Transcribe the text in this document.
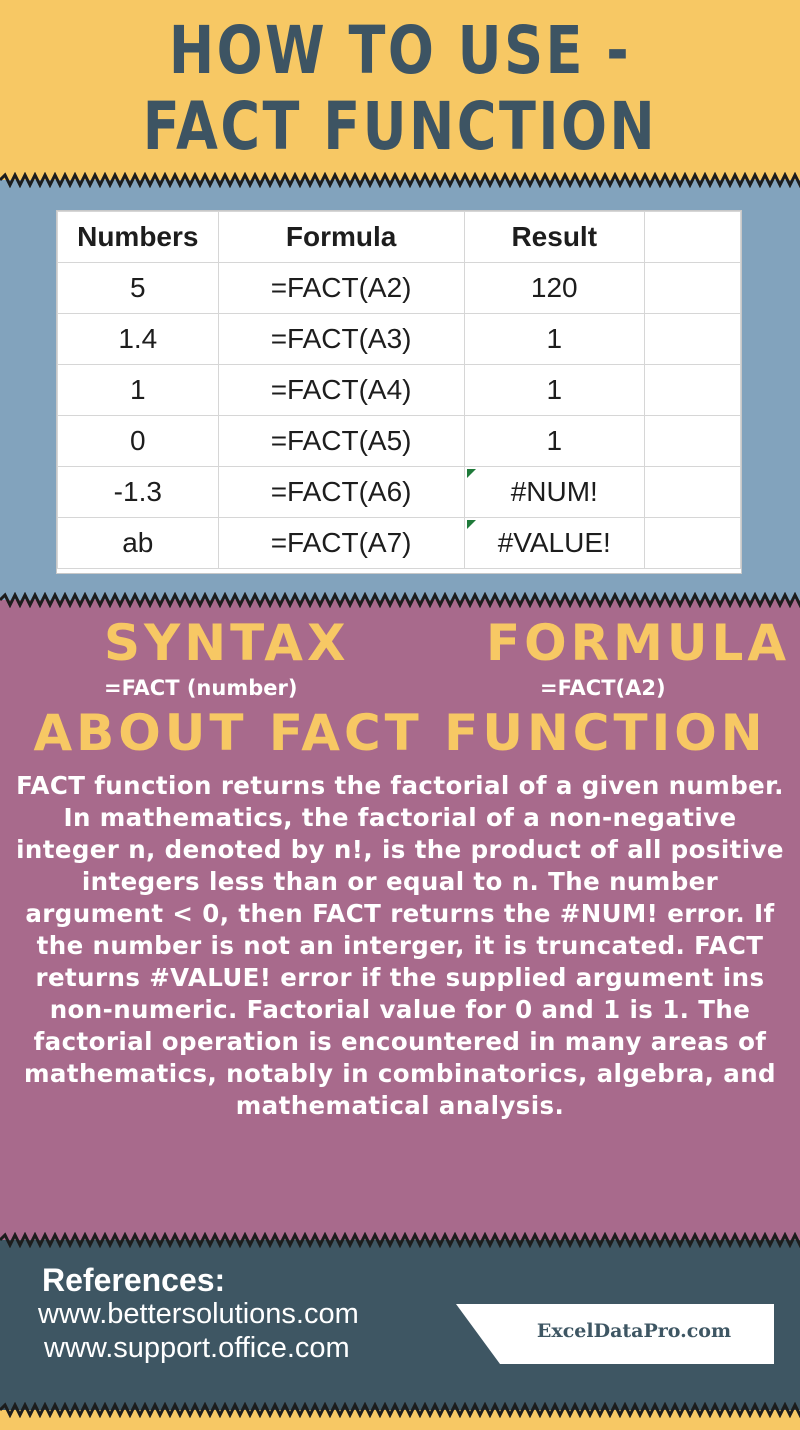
HOW TO USE -
FACT FUNCTION
Numbers	Formula	Result	
5	=FACT(A2)	120	
1.4	=FACT(A3)	1	
1	=FACT(A4)	1	
0	=FACT(A5)	1	
-1.3	=FACT(A6)	#NUM!

ab	=FACT(A7)	#VALUE!

SYNTAX
=FACT (number)
FORMULA
=FACT(A2)
ABOUT FACT FUNCTION
FACT function returns the factorial of a given number. In mathematics, the factorial of a non-negative integer n, denoted by n!, is the product of all positive integers less than or equal to n. The number argument < 0, then FACT returns the #NUM! error. If the number is not an interger, it is truncated. FACT returns #VALUE! error if the supplied argument ins non-numeric. Factorial value for 0 and 1 is 1. The factorial operation is encountered in many areas of mathematics, notably in combinatorics, algebra, and mathematical analysis.
References:
www.bettersolutions.com
www.support.office.com
ExcelDataPro.com
